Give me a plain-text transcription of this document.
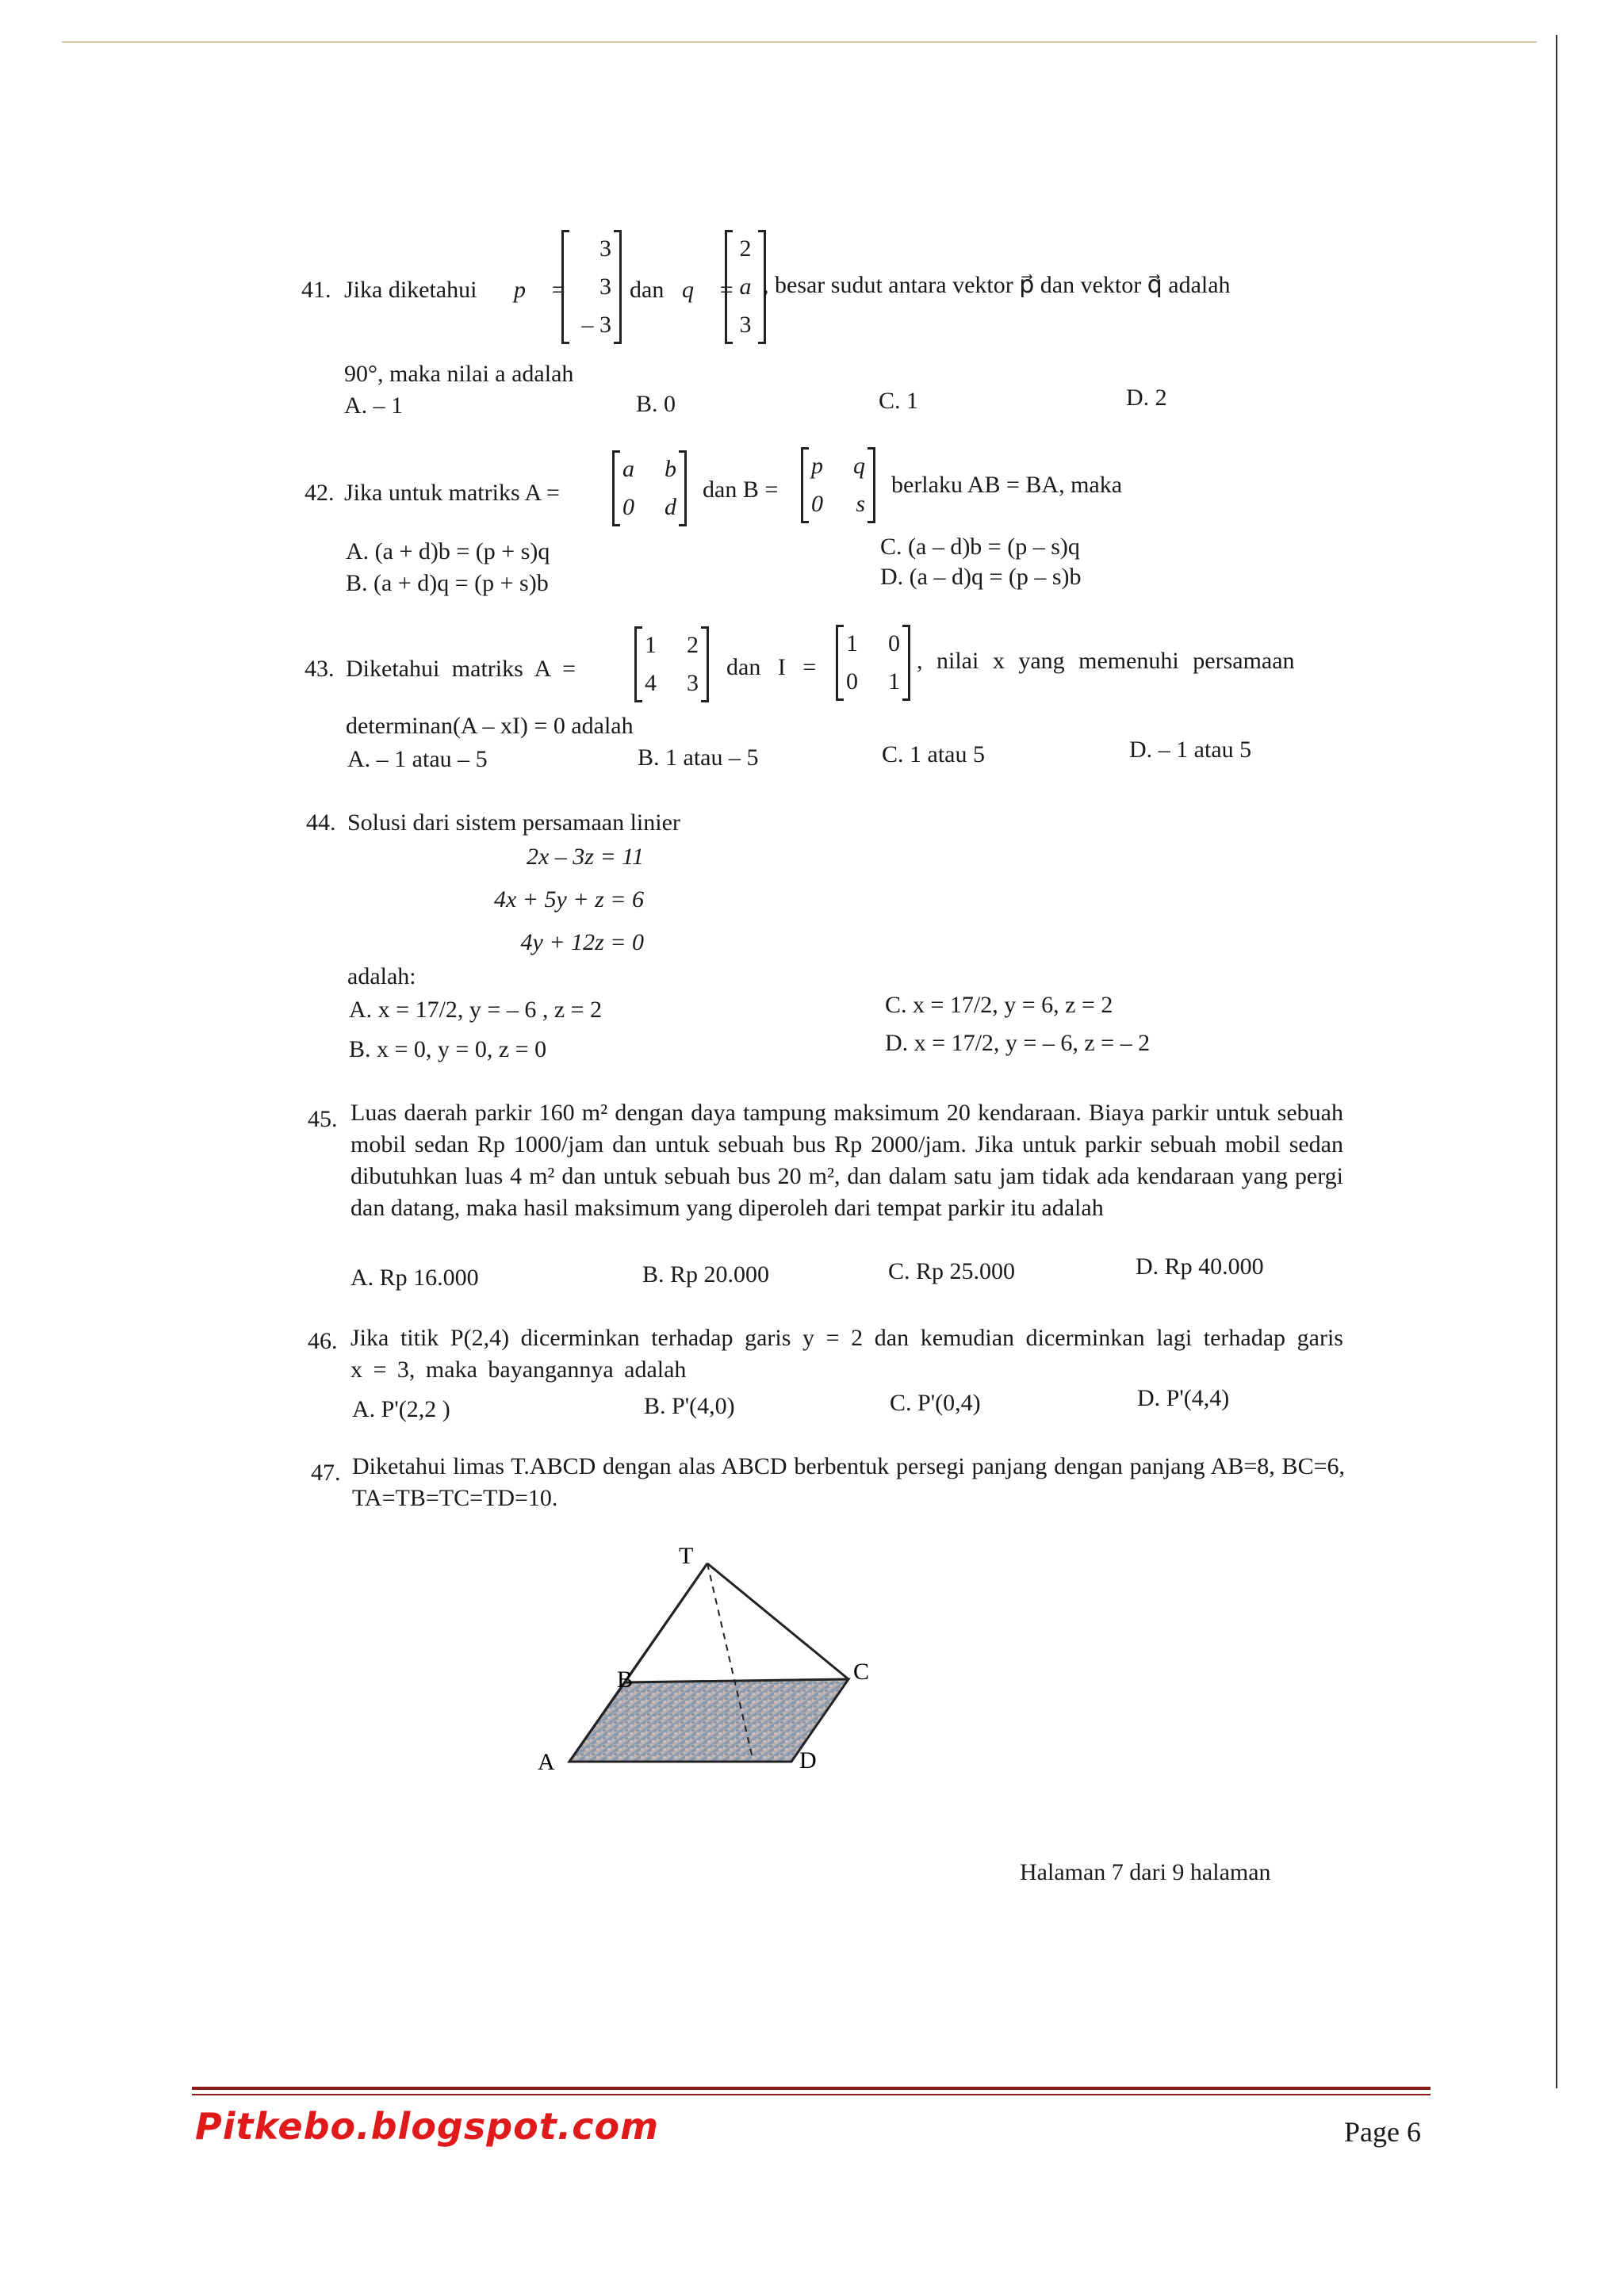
41. Jika diketahui p⃗ =
3
3
– 3
dan q⃗ =
2
a
3
, besar sudut antara vektor p⃗ dan vektor q⃗ adalah
90°, maka nilai a adalah
A. – 1	B. 0	C. 1	D. 2
42. Jika untuk matriks A =
a b
0 d
dan B =
p q
0 s
berlaku AB = BA, maka
A. (a + d)b = (p + s)q
B. (a + d)q = (p + s)b
C. (a – d)b = (p – s)q
D. (a – d)q = (p – s)b
43. Diketahui matriks A =
1 2
4 3
dan I =
1 0
0 1
, nilai x yang memenuhi persamaan
determinan(A – xI) = 0 adalah
A. – 1 atau – 5	B. 1 atau – 5	C. 1 atau 5	D. – 1 atau 5
44. Solusi dari sistem persamaan linier
2x – 3z = 11
4x + 5y + z = 6
4y + 12z = 0
adalah:
A. x = 17/2, y = – 6 , z = 2
B. x = 0, y = 0, z = 0
C. x = 17/2, y = 6, z = 2
D. x = 17/2, y = – 6, z = – 2
45. Luas daerah parkir 160 m² dengan daya tampung maksimum 20 kendaraan. Biaya parkir untuk sebuah mobil sedan Rp 1000/jam dan untuk sebuah bus Rp 2000/jam. Jika untuk parkir sebuah mobil sedan dibutuhkan luas 4 m² dan untuk sebuah bus 20 m², dan dalam satu jam tidak ada kendaraan yang pergi dan datang, maka hasil maksimum yang diperoleh dari tempat parkir itu adalah
A. Rp 16.000	B. Rp 20.000	C. Rp 25.000	D. Rp 40.000
46. Jika titik P(2,4) dicerminkan terhadap garis y = 2 dan kemudian dicerminkan lagi terhadap garis x = 3, maka bayangannya adalah
A. P'(2,2 )	B. P'(4,0)	C. P'(0,4)	D. P'(4,4)
47. Diketahui limas T.ABCD dengan alas ABCD berbentuk persegi panjang dengan panjang AB=8, BC=6, TA=TB=TC=TD=10.
T
B	C
A	D
Halaman 7 dari 9 halaman
Pitkebo.blogspot.com	Page 6
